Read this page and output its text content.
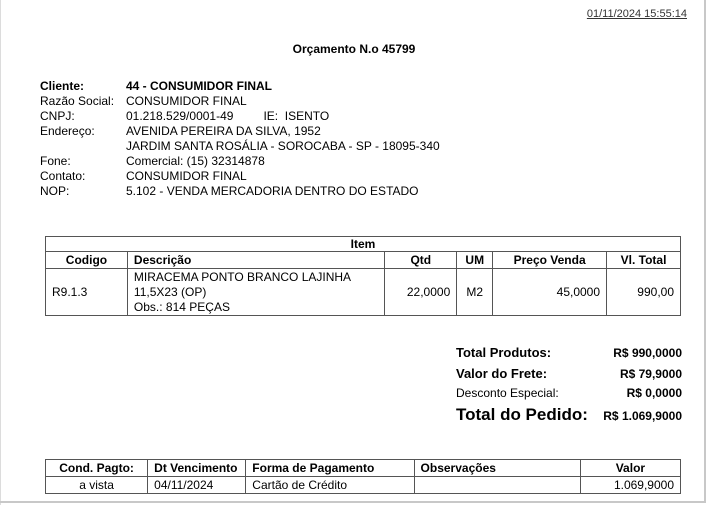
01/11/2024 15:55:14
Orçamento N.o 45799
Cliente:	44 - CONSUMIDOR FINAL
Razão Social: CONSUMIDOR FINAL
CNPJ:	01.218.529/0001-49	IE:  ISENTO
Endereço:	AVENIDA PEREIRA DA SILVA, 1952
JARDIM SANTA ROSÁLIA - SOROCABA - SP - 18095-340
Fone:	Comercial: (15) 32314878
Contato:	CONSUMIDOR FINAL
NOP:	5.102 - VENDA MERCADORIA DENTRO DO ESTADO
Item					
Codigo	Descrição	Qtd	UM	Preço Venda	Vl. Total
R9.1.3	MIRACEMA PONTO BRANCO LAJINHA
11,5X23 (OP)
Obs.: 814 PEÇAS	22,0000	M2	45,0000	990,00
Total Produtos:	R$ 990,0000
Valor do Frete:	R$ 79,9000
Desconto Especial:	R$ 0,0000
Total do Pedido: R$ 1.069,9000
Cond. Pagto:	Dt Vencimento	Forma de Pagamento	Observações	Valor
a vista	04/11/2024	Cartão de Crédito		1.069,9000
